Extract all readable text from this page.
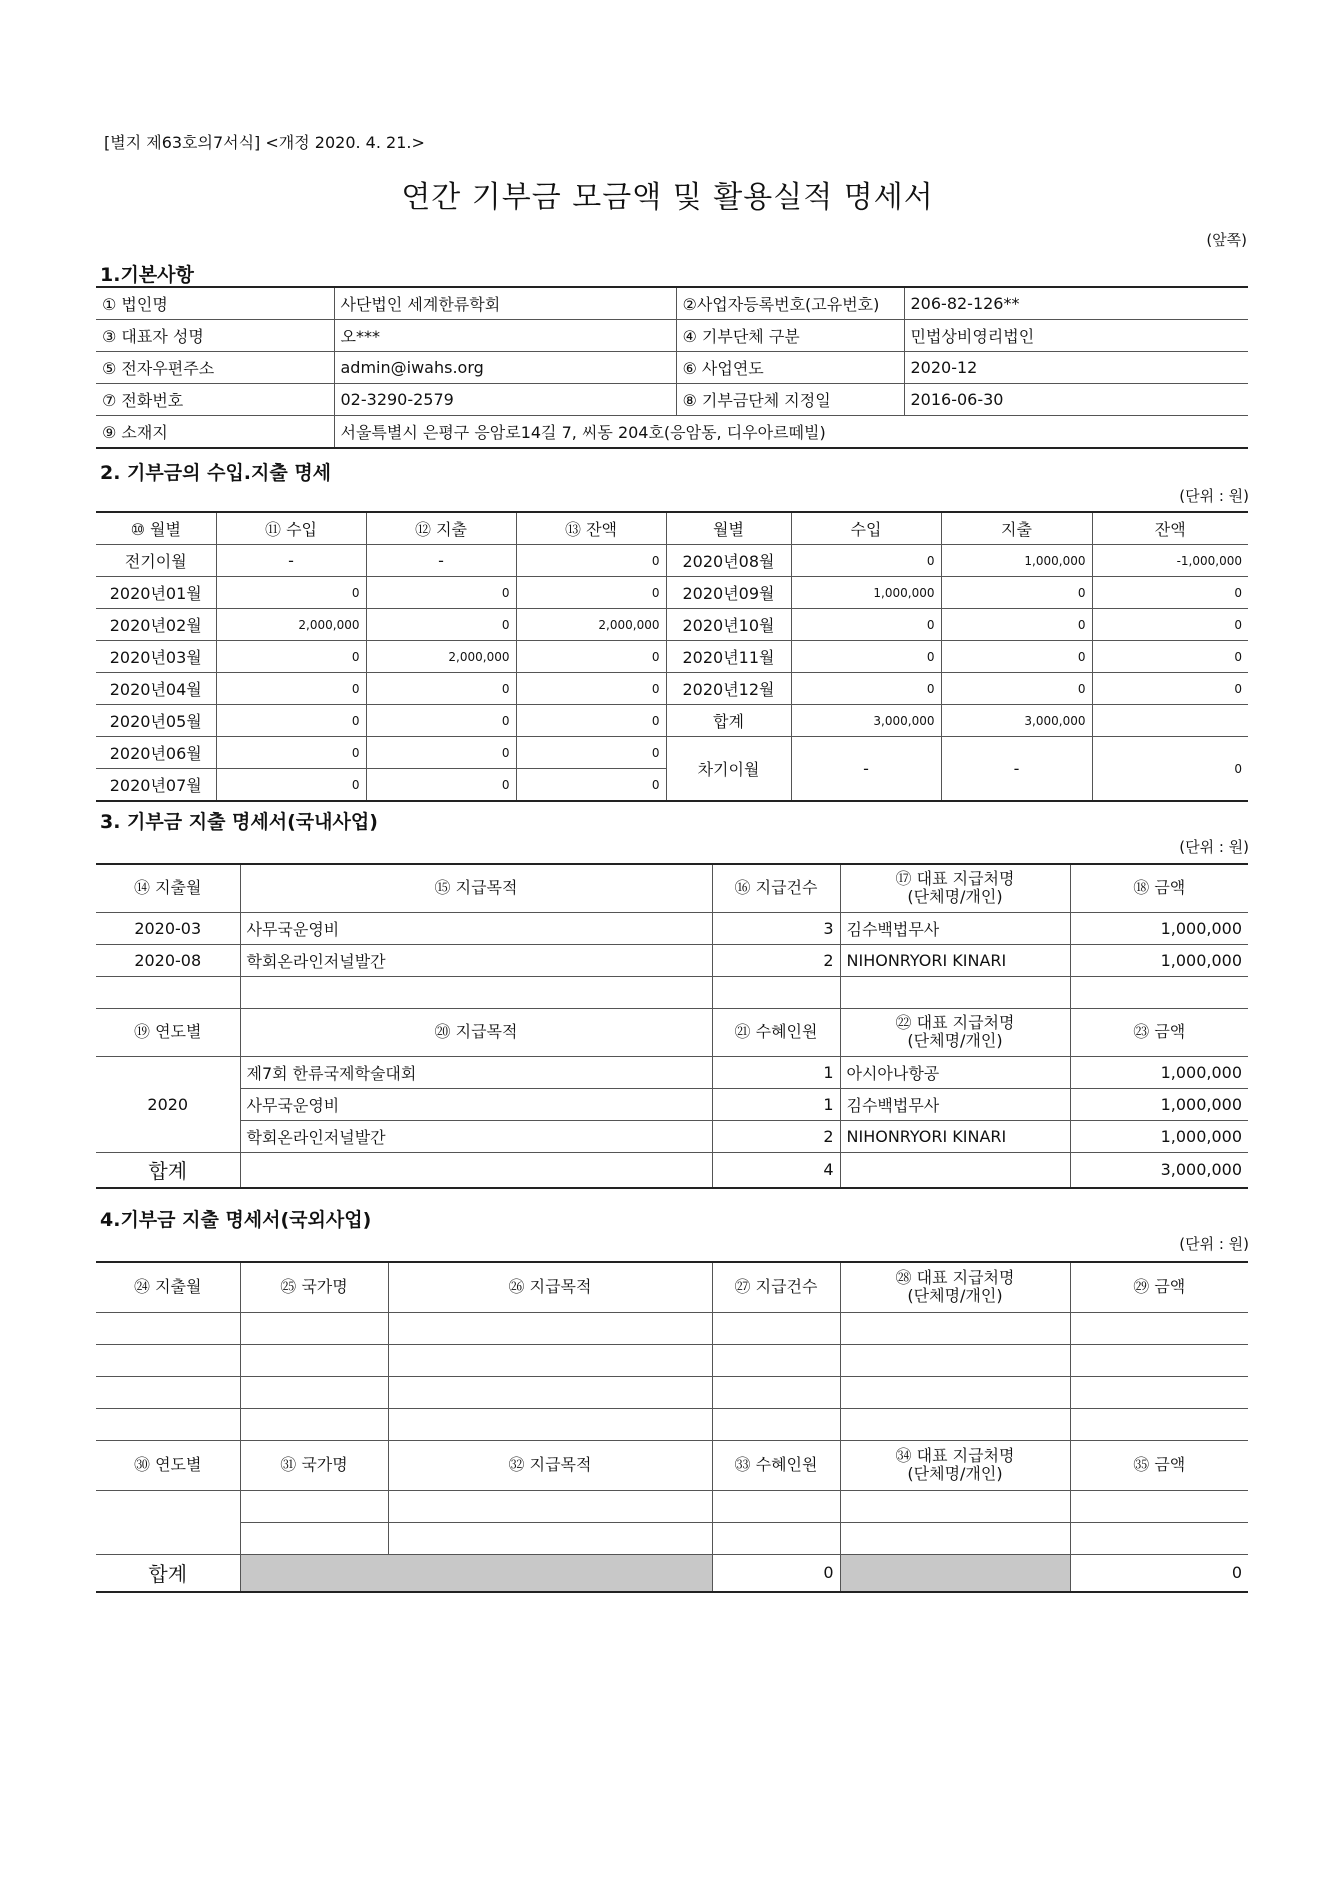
[별지 제63호의7서식] <개정 2020. 4. 21.>
연간 기부금 모금액 및 활용실적 명세서
(앞쪽)
1.기본사항
① 법인명	사단법인 세계한류학회	②사업자등록번호(고유번호)	206-82-126**
③ 대표자 성명	오***	④ 기부단체 구분	민법상비영리법인
⑤ 전자우편주소	admin@iwahs.org	⑥ 사업연도	2020-12
⑦ 전화번호	02-3290-2579	⑧ 기부금단체 지정일	2016-06-30
⑨ 소재지	서울특별시 은평구 응암로14길 7, 씨동 204호(응암동, 디우아르떼빌)		
2. 기부금의 수입.지출 명세
(단위 : 원)
⑩ 월별	⑪ 수입	⑫ 지출	⑬ 잔액	월별	수입	지출	잔액
전기이월	-	-	0	2020년08월	0	1,000,000	-1,000,000
2020년01월	0	0	0	2020년09월	1,000,000	0	0
2020년02월	2,000,000	0	2,000,000	2020년10월	0	0	0
2020년03월	0	2,000,000	0	2020년11월	0	0	0
2020년04월	0	0	0	2020년12월	0	0	0
2020년05월	0	0	0	합계	3,000,000	3,000,000	
2020년06월	0	0	0	차기이월	-	-	0
2020년07월	0	0	0				
3. 기부금 지출 명세서(국내사업)
(단위 : 원)
⑭ 지출월	⑮ 지급목적	⑯ 지급건수	⑰ 대표 지급처명
(단체명/개인)	⑱ 금액
2020-03	사무국운영비	3	김수백법무사	1,000,000
2020-08	학회온라인저널발간	2	NIHONRYORI KINARI	1,000,000

⑲ 연도별	⑳ 지급목적	㉑ 수혜인원	㉒ 대표 지급처명
(단체명/개인)	㉓ 금액
2020	제7회 한류국제학술대회	1	아시아나항공	1,000,000
	사무국운영비	1	김수백법무사	1,000,000
	학회온라인저널발간	2	NIHONRYORI KINARI	1,000,000
합계		4		3,000,000
4.기부금 지출 명세서(국외사업)
(단위 : 원)
㉔ 지출월	㉕ 국가명	㉖ 지급목적	㉗ 지급건수	㉘ 대표 지급처명
(단체명/개인)	㉙ 금액

㉚ 연도별	㉛ 국가명	㉜ 지급목적	㉝ 수혜인원	㉞ 대표 지급처명
(단체명/개인)	㉟ 금액

합계			0		0
